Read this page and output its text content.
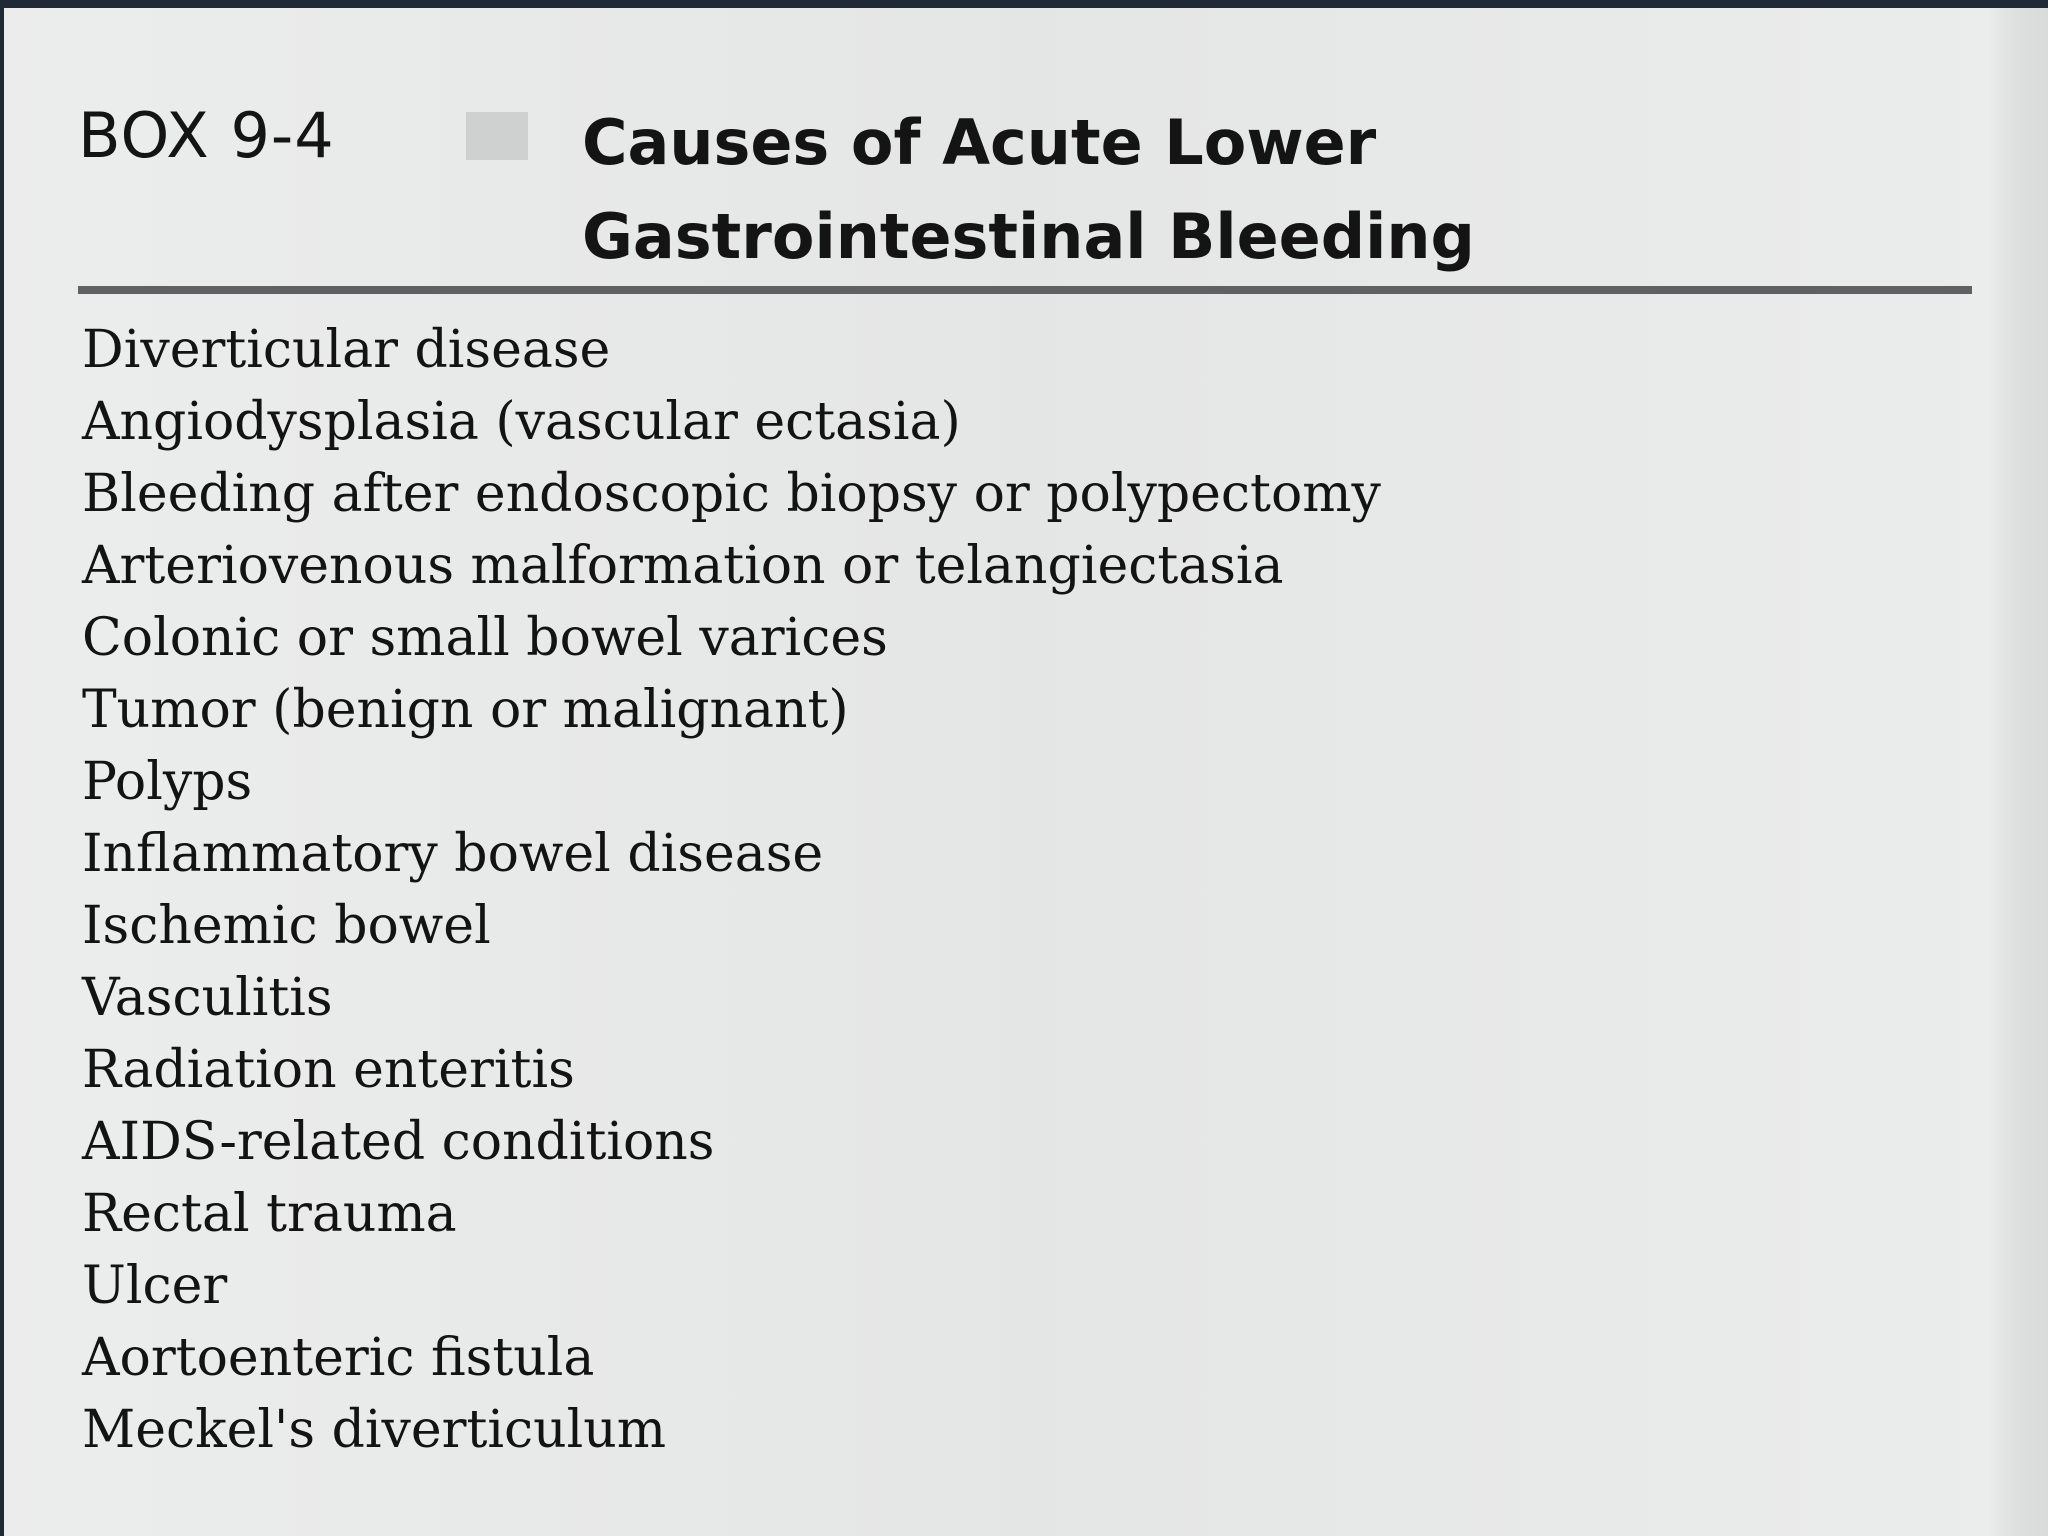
BOX 9-4	Causes of Acute Lower Gastrointestinal Bleeding

Diverticular disease
Angiodysplasia (vascular ectasia)
Bleeding after endoscopic biopsy or polypectomy
Arteriovenous malformation or telangiectasia
Colonic or small bowel varices
Tumor (benign or malignant)
Polyps
Inflammatory bowel disease
Ischemic bowel
Vasculitis
Radiation enteritis
AIDS-related conditions
Rectal trauma
Ulcer
Aortoenteric fistula
Meckel's diverticulum
